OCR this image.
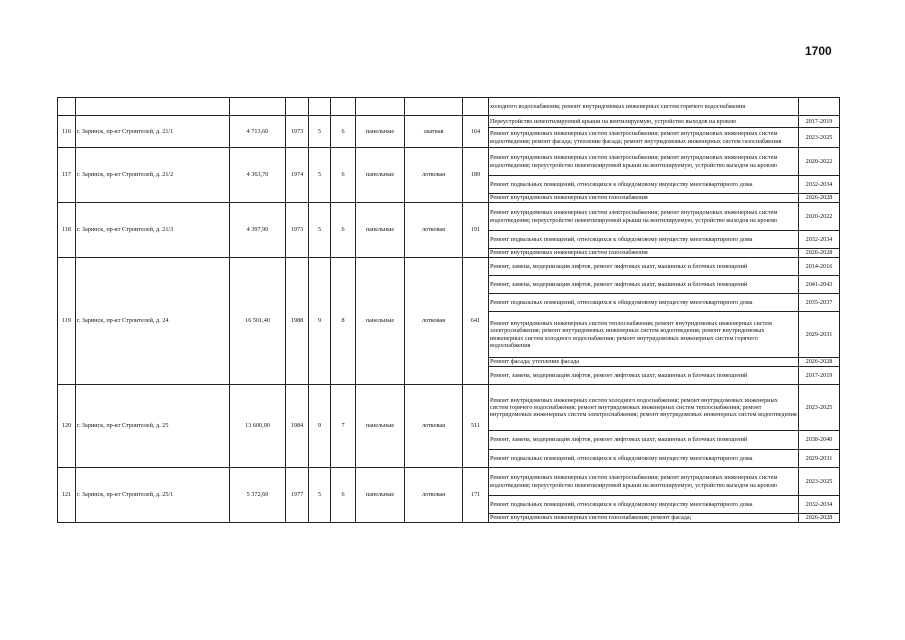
1700
									холодного водоснабжения; ремонт внутридомовых инженерных систем горячего водоснабжения	
116	г. Заринск, пр-кт Строителей, д. 21/1	4 713,60	1973	5	6	панельные	скатная	164	Переустройство невентилируемой крыши на вентилируемую, устройство выходов на кровлю	2017-2019
									Ремонт внутридомовых инженерных систем электроснабжения; ремонт внутридомовых инженерных систем водоотведения; ремонт фасада; утепление фасада; ремонт внутридомовых инженерных систем газоснабжения	2023-2025
117	г. Заринск, пр-кт Строителей, д. 21/2	4 363,70	1974	5	6	панельные	лотковая	189	Ремонт внутридомовых инженерных систем электроснабжения; ремонт внутридомовых инженерных систем водоотведения; переустройство невентилируемой крыши на вентилируемую, устройство выходов на кровлю	2020-2022
									Ремонт подвальных помещений, относящихся к общедомовому имуществу многоквартирного дома	2032-2034
									Ремонт внутридомовых инженерных систем газоснабжения	2026-2028
118	г. Заринск, пр-кт Строителей, д. 21/3	4 397,90	1973	5	6	панельные	лотковая	191	Ремонт внутридомовых инженерных систем электроснабжения; ремонт внутридомовых инженерных систем водоотведения; переустройство невентилируемой крыши на вентилируемую, устройство выходов на кровлю	2020-2022
									Ремонт подвальных помещений, относящихся к общедомовому имуществу многоквартирного дома	2032-2034
									Ремонт внутридомовых инженерных систем газоснабжения	2026-2028
119	г. Заринск, пр-кт Строителей, д. 24	16 501,40	1988	9	8	панельные	лотковая	641	Ремонт, замена, модернизация лифтов, ремонт лифтовых шахт, машинных и блочных помещений	2014-2016
									Ремонт, замена, модернизация лифтов, ремонт лифтовых шахт, машинных и блочных помещений	2041-2043
									Ремонт подвальных помещений, относящихся к общедомовому имуществу многоквартирного дома	2035-2037
									Ремонт внутридомовых инженерных систем теплоснабжения; ремонт внутридомовых инженерных систем электроснабжения; ремонт внутридомовых инженерных систем водоотведения; ремонт внутридомовых инженерных систем холодного водоснабжения; ремонт внутридомовых инженерных систем горячего водоснабжения	2029-2031
									Ремонт фасада; утепление фасада	2026-2028
									Ремонт, замена, модернизация лифтов, ремонт лифтовых шахт, машинных и блочных помещений	2017-2019
120	г. Заринск, пр-кт Строителей, д. 25	13 600,00	1984	9	7	панельные	лотковая	511	Ремонт внутридомовых инженерных систем холодного водоснабжения; ремонт внутридомовых инженерных систем горячего водоснабжения; ремонт внутридомовых инженерных систем теплоснабжения; ремонт внутридомовых инженерных систем электроснабжения; ремонт внутридомовых инженерных систем водоотведения	2023-2025
									Ремонт, замена, модернизация лифтов, ремонт лифтовых шахт, машинных и блочных помещений	2038-2040
									Ремонт подвальных помещений, относящихся к общедомовому имуществу многоквартирного дома	2029-2031
121	г. Заринск, пр-кт Строителей, д. 25/1	5 372,60	1977	5	6	панельные	лотковая	171	Ремонт внутридомовых инженерных систем электроснабжения; ремонт внутридомовых инженерных систем водоотведения; переустройство невентилируемой крыши на вентилируемую, устройство выходов на кровлю	2023-2025
									Ремонт подвальных помещений, относящихся к общедомовому имуществу многоквартирного дома	2032-2034
									Ремонт внутридомовых инженерных систем газоснабжения; ремонт фасада;	2026-2028
